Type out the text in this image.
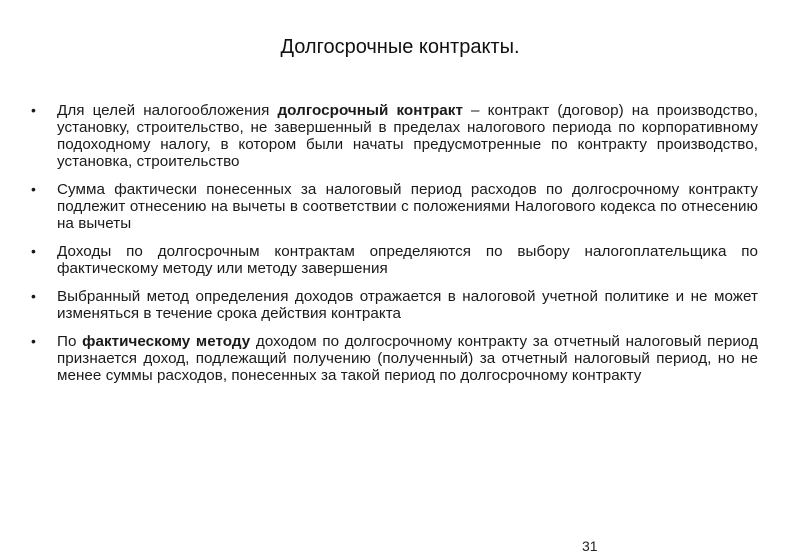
Долгосрочные контракты.
• Для целей налогообложения долгосрочный контракт – контракт (договор) на производство, установку, строительство, не завершенный в пределах налогового периода по корпоративному подоходному налогу, в котором были начаты предусмотренные по контракту производство, установка, строительство
• Сумма фактически понесенных за налоговый период расходов по долгосрочному контракту подлежит отнесению на вычеты в соответствии с положениями Налогового кодекса по отнесению на вычеты
• Доходы по долгосрочным контрактам определяются по выбору налогоплательщика по фактическому методу или методу завершения
• Выбранный метод определения доходов отражается в налоговой учетной политике и не может изменяться в течение срока действия контракта
• По фактическому методу доходом по долгосрочному контракту за отчетный налоговый период признается доход, подлежащий получению (полученный) за отчетный налоговый период, но не менее суммы расходов, понесенных за такой период по долгосрочному контракту
31
